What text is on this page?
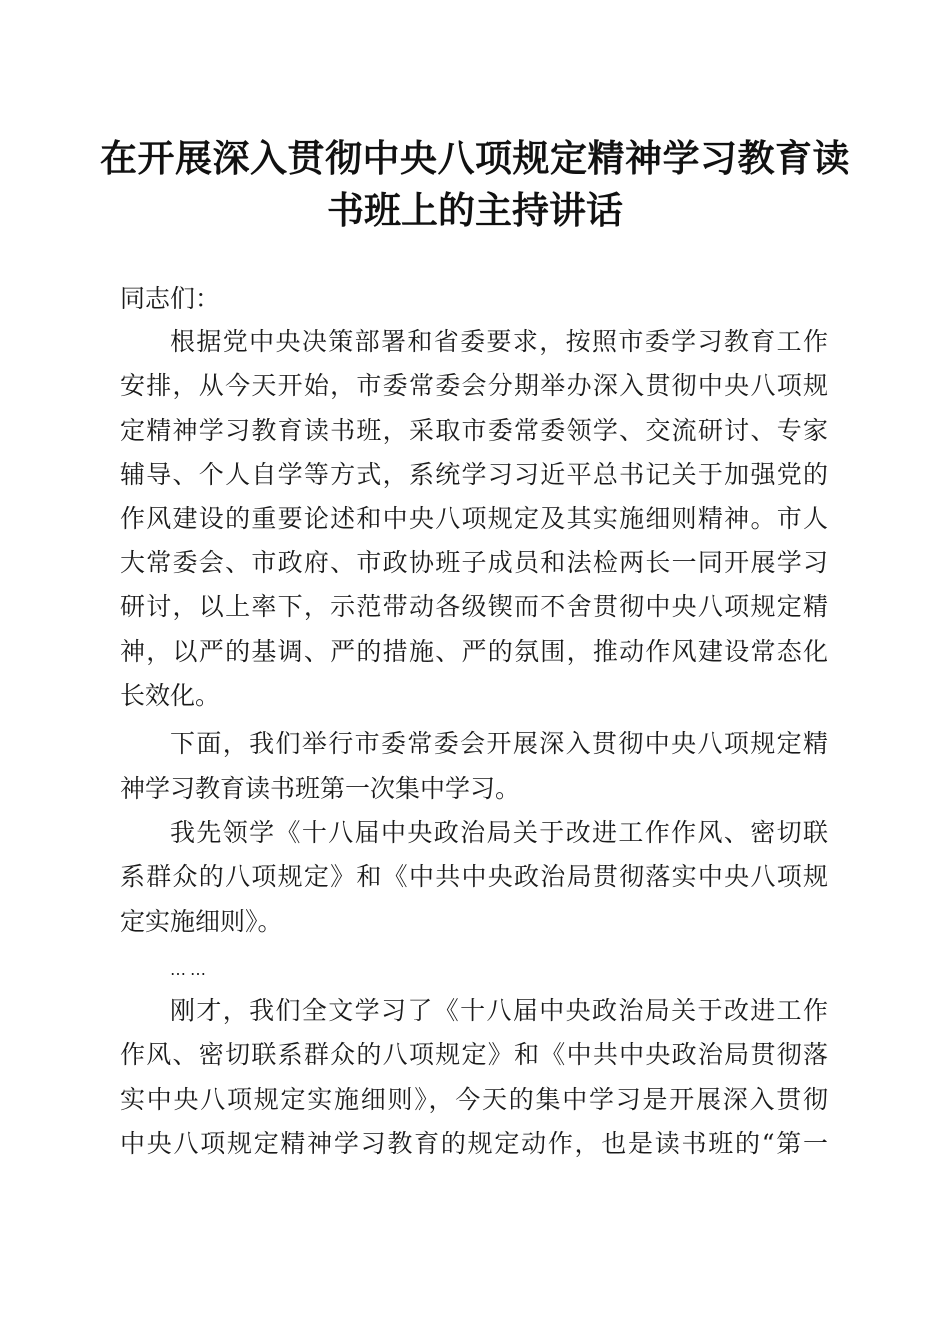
在开展深入贯彻中央八项规定精神学习教育读
书班上的主持讲话
同志们：
根据党中央决策部署和省委要求，按照市委学习教育工作
安排，从今天开始，市委常委会分期举办深入贯彻中央八项规
定精神学习教育读书班，采取市委常委领学、交流研讨、专家
辅导、个人自学等方式，系统学习习近平总书记关于加强党的
作风建设的重要论述和中央八项规定及其实施细则精神。市人
大常委会、市政府、市政协班子成员和法检两长一同开展学习
研讨，以上率下，示范带动各级锲而不舍贯彻中央八项规定精
神，以严的基调、严的措施、严的氛围，推动作风建设常态化
长效化。
下面，我们举行市委常委会开展深入贯彻中央八项规定精
神学习教育读书班第一次集中学习。
我先领学《十八届中央政治局关于改进工作作风、密切联
系群众的八项规定》和《中共中央政治局贯彻落实中央八项规
定实施细则》。
……
刚才，我们全文学习了《十八届中央政治局关于改进工作
作风、密切联系群众的八项规定》和《中共中央政治局贯彻落
实中央八项规定实施细则》，今天的集中学习是开展深入贯彻
中央八项规定精神学习教育的规定动作，也是读书班的“第一
